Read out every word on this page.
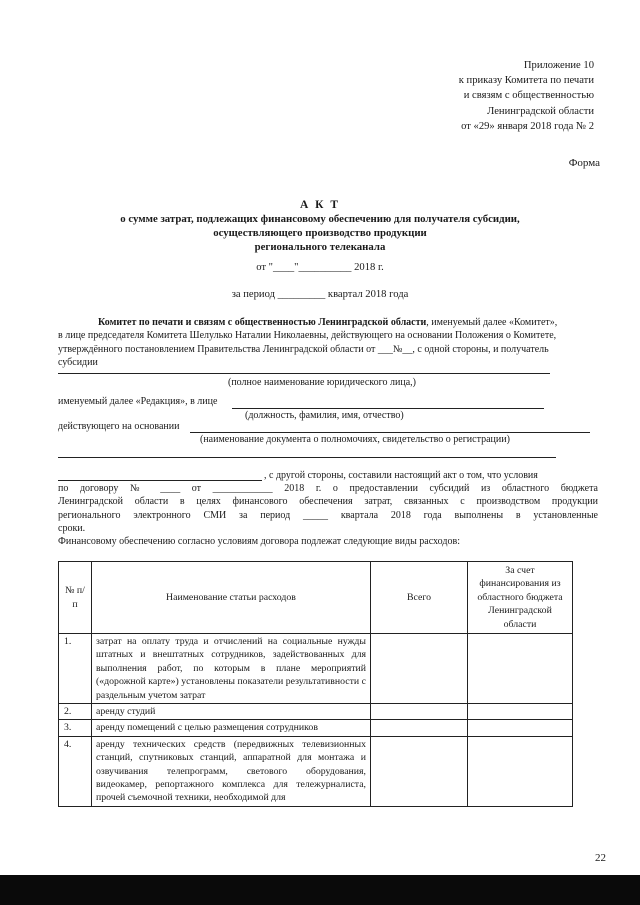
Приложение 10
к приказу Комитета по печати
и связям с общественностью
Ленинградской области
от «29» января 2018 года № 2
Форма
А К Т
о сумме затрат, подлежащих финансовому обеспечению для получателя субсидии,
осуществляющего производство продукции
регионального телеканала
от "____"__________ 2018 г.
за период _________ квартал 2018 года
Комитет по печати и связям с общественностью Ленинградской области, именуемый далее «Комитет»,
в лице председателя Комитета Шелулько Наталии Николаевны, действующего на основании Положения о Комитете,
утверждённого постановлением Правительства Ленинградской области от ___№__, с одной стороны, и получатель
субсидии
(полное наименование юридического лица,)
именуемый далее «Редакция», в лице
(должность, фамилия, имя, отчество)
действующего на основании
(наименование документа о полномочиях, свидетельство о регистрации)
, с другой стороны, составили настоящий акт о том, что условия
по договору № ____ от ____________ 2018 г. о предоставлении субсидий из областного бюджета
Ленинградской области в целях финансового обеспечения затрат, связанных с производством продукции
регионального электронного СМИ за период _____ квартала 2018 года выполнены в установленные
сроки.
Финансовому обеспечению согласно условиям договора подлежат следующие виды расходов:
№ п/п	Наименование статьи расходов	Всего	За счет финансирования из областного бюджета Ленинградской области
1.	затрат на оплату труда и отчислений на социальные нужды штатных и внештатных сотрудников, задействованных для выполнения работ, по которым в плане мероприятий («дорожной карте») установлены показатели результативности с раздельным учетом затрат		
2.	аренду студий		
3.	аренду помещений с целью размещения сотрудников		
4.	аренду технических средств (передвижных телевизионных станций, спутниковых станций, аппаратной для монтажа и озвучивания телепрограмм, светового оборудования, видеокамер, репортажного комплекса для тележурналиста, прочей съемочной техники, необходимой для		
22
